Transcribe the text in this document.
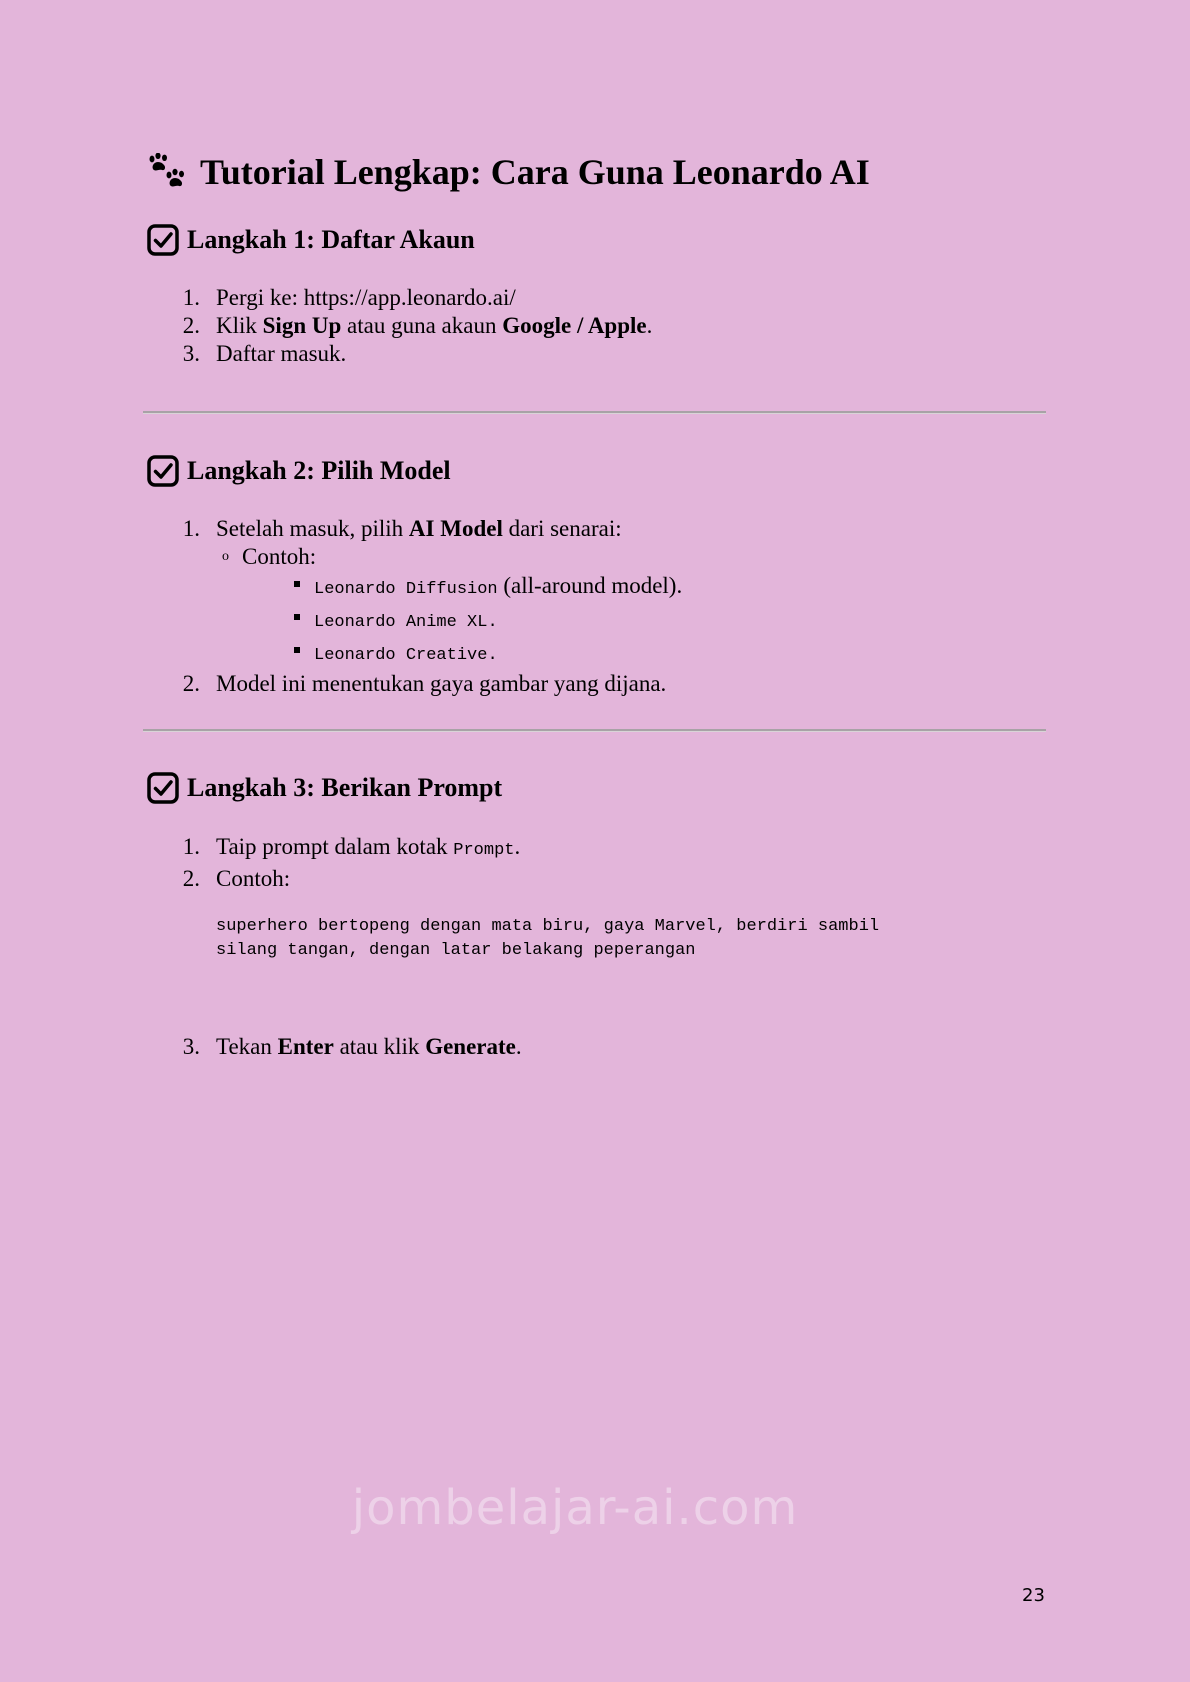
Tutorial Lengkap: Cara Guna Leonardo AI
Langkah 1: Daftar Akaun
1. Pergi ke: https://app.leonardo.ai/
2. Klik Sign Up atau guna akaun Google / Apple.
3. Daftar masuk.
Langkah 2: Pilih Model
1. Setelah masuk, pilih AI Model dari senarai:
o Contoh:
Leonardo Diffusion (all-around model).
Leonardo Anime XL.
Leonardo Creative.
2. Model ini menentukan gaya gambar yang dijana.
Langkah 3: Berikan Prompt
1. Taip prompt dalam kotak Prompt.
2. Contoh:
superhero bertopeng dengan mata biru, gaya Marvel, berdiri sambil
silang tangan, dengan latar belakang peperangan
3. Tekan Enter atau klik Generate.
jombelajar-ai.com
23
